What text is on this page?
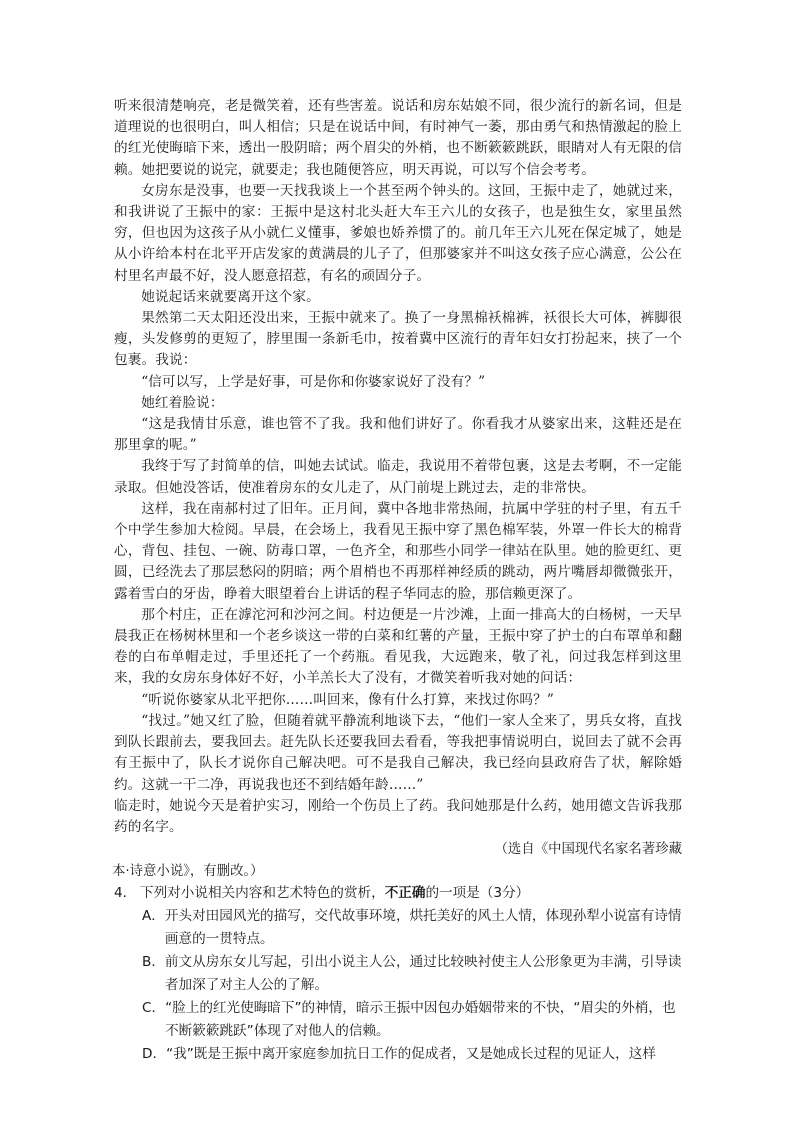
听来很清楚响亮，老是微笑着，还有些害羞。说话和房东姑娘不同，很少流行的新名词，但是道理说的也很明白，叫人相信；只是在说话中间，有时神气一萎，那由勇气和热情激起的脸上的红光使晦暗下来，透出一股阴暗；两个眉尖的外梢，也不断簌簌跳跃，眼睛对人有无限的信赖。她把要说的说完，就要走；我也随便答应，明天再说，可以写个信会考考。

女房东是没事，也要一天找我谈上一个甚至两个钟头的。这回，王振中走了，她就过来，和我讲说了王振中的家：王振中是这村北头赶大车王六儿的女孩子，也是独生女，家里虽然穷，但也因为这孩子从小就仁义懂事，爹娘也娇养惯了的。前几年王六儿死在保定城了，她是从小许给本村在北平开店发家的黄满晨的儿子了，但那婆家并不叫这女孩子应心满意，公公在村里名声最不好，没人愿意招惹，有名的顽固分子。

她说起话来就要离开这个家。

果然第二天太阳还没出来，王振中就来了。换了一身黑棉袄棉裤，袄很长大可体，裤脚很瘦，头发修剪的更短了，脖里围一条新毛巾，按着冀中区流行的青年妇女打扮起来，挟了一个包裹。我说：

“信可以写，上学是好事，可是你和你婆家说好了没有？”

她红着脸说：

“这是我情甘乐意，谁也管不了我。我和他们讲好了。你看我才从婆家出来，这鞋还是在那里拿的呢。”

我终于写了封简单的信，叫她去试试。临走，我说用不着带包裹，这是去考啊，不一定能录取。但她没答话，使准着房东的女儿走了，从门前堤上跳过去，走的非常快。

这样，我在南郝村过了旧年。正月间，冀中各地非常热闹，抗属中学驻的村子里，有五千个中学生参加大检阅。早晨，在会场上，我看见王振中穿了黑色棉军装，外罩一件长大的棉背心，背包、挂包、一碗、防毒口罩，一色齐全，和那些小同学一律站在队里。她的脸更红、更圆，已经洗去了那层愁闷的阴暗；两个眉梢也不再那样神经质的跳动，两片嘴唇却微微张开，露着雪白的牙齿，睁着大眼望着台上讲话的程子华同志的脸，那信赖更深了。

那个村庄，正在滹沱河和沙河之间。村边便是一片沙滩，上面一排高大的白杨树，一天早晨我正在杨树林里和一个老乡谈这一带的白菜和红薯的产量，王振中穿了护士的白布罩单和翻卷的白布单帽走过，手里还托了一个药瓶。看见我，大远跑来，敬了礼，问过我怎样到这里来，我的女房东身体好不好，小羊羔长大了没有，才微笑着听我对她的问话：

“听说你婆家从北平把你……叫回来，像有什么打算，来找过你吗？”

“找过。”她又红了脸，但随着就平静流利地谈下去，“他们一家人全来了，男兵女将，直找到队长跟前去，要我回去。赶先队长还要我回去看看，等我把事情说明白，说回去了就不会再有王振中了，队长才说你自己解决吧。可不是我自己解决，我已经向县政府告了状，解除婚约。这就一干二净，再说我也还不到结婚年龄……”

临走时，她说今天是着护实习，刚给一个伤员上了药。我问她那是什么药，她用德文告诉我那药的名字。

（选自《中国现代名家名著珍藏

本·诗意小说》，有删改。）

4． 下列对小说相关内容和艺术特色的赏析，不正确的一项是（3分）

A． 开头对田园风光的描写，交代故事环境，烘托美好的风土人情，体现孙犁小说富有诗情画意的一贯特点。
B． 前文从房东女儿写起，引出小说主人公，通过比较映衬使主人公形象更为丰满，引导读者加深了对主人公的了解。
C． “脸上的红光使晦暗下”的神情，暗示王振中因包办婚姻带来的不快，“眉尖的外梢，也不断簌簌跳跃”体现了对他人的信赖。
D． “我”既是王振中离开家庭参加抗日工作的促成者，又是她成长过程的见证人，这样
